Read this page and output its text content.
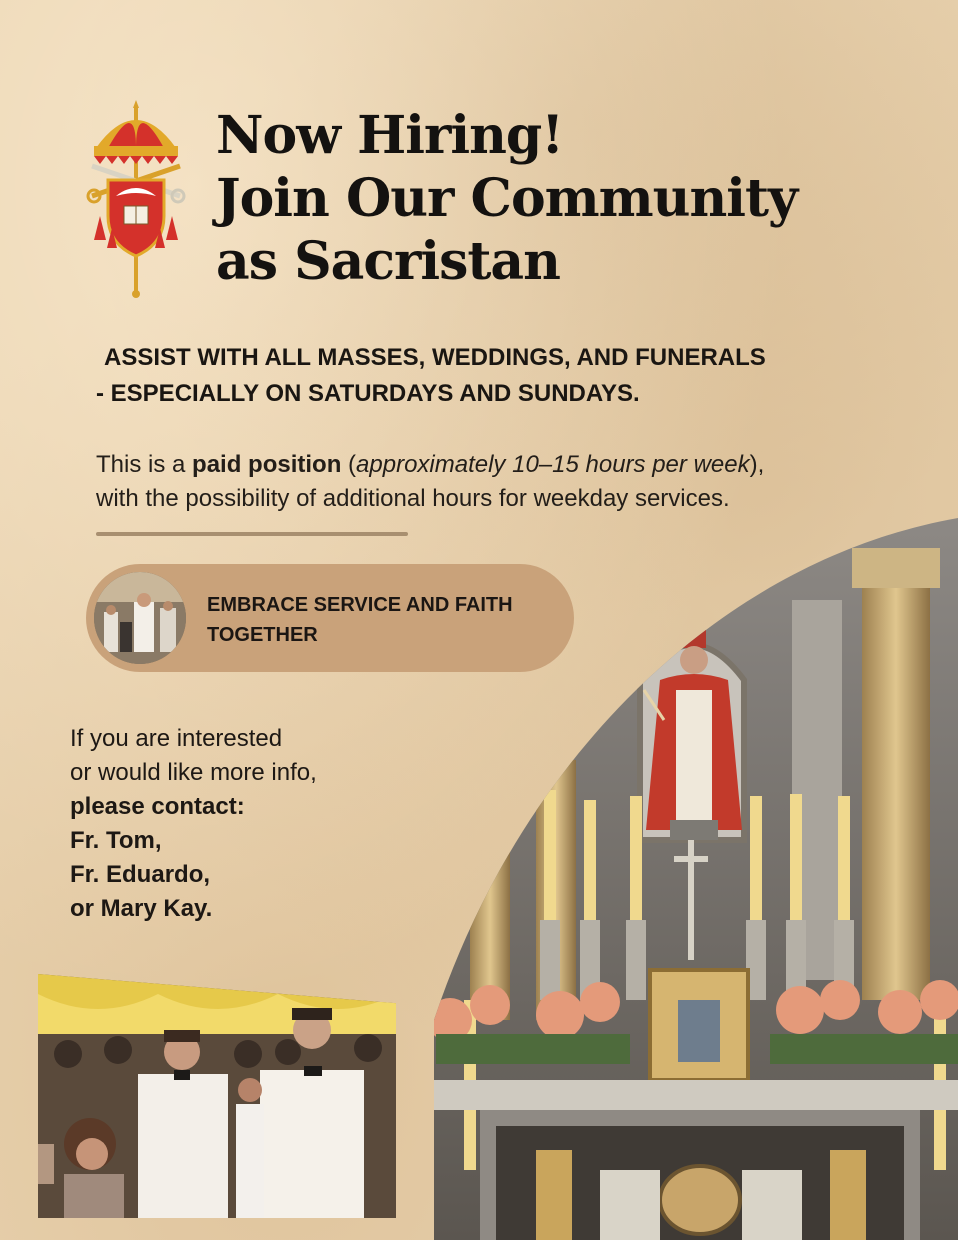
Now Hiring!
Join Our Community
as Sacristan

ASSIST WITH ALL MASSES, WEDDINGS, AND FUNERALS
- ESPECIALLY ON SATURDAYS AND SUNDAYS.

This is a paid position (approximately 10–15 hours per week),
with the possibility of additional hours for weekday services.

EMBRACE SERVICE AND FAITH
TOGETHER

If you are interested
or would like more info,
please contact:
Fr. Tom,
Fr. Eduardo,
or Mary Kay.
